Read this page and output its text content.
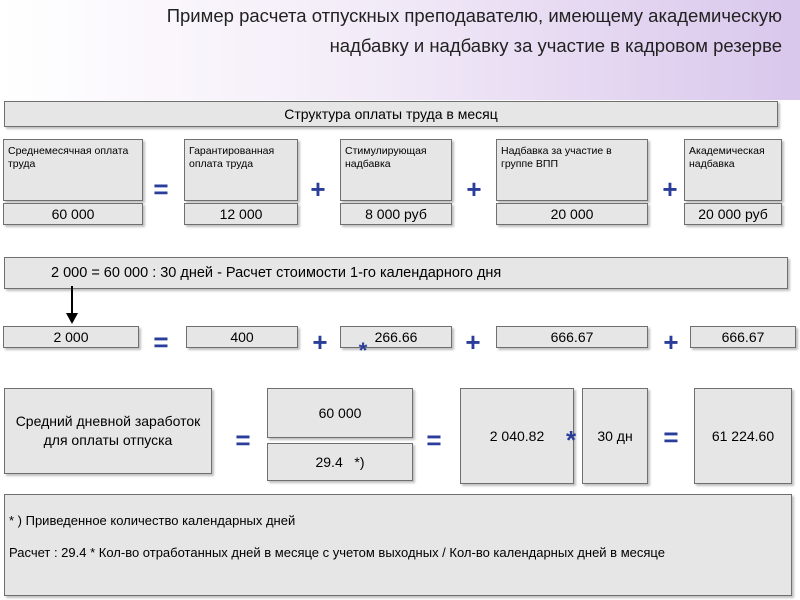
Пример расчета отпускных преподавателю, имеющему академическую
надбавку и надбавку за участие в кадровом резерве
Структура оплаты труда в месяц
Среднемесячная оплата труда
Гарантированная оплата труда
Стимулирующая надбавка
Надбавка за участие в группе ВПП
Академическая надбавка
60 000	12 000	8 000 руб	20 000	20 000 руб
=	+	+	+
2 000 = 60 000 : 30 дней - Расчет стоимости 1-го календарного дня
2 000	400	266.66	666.67	666.67
=	+	+	+
*
Средний дневной заработок для оплаты отпуска	=
60 000
29.4   *)
=	2 040.82 *	30 дн =	61 224.60
* ) Приведенное количество календарных дней
Расчет : 29.4 * Кол-во отработанных дней в месяце с учетом выходных / Кол-во календарных дней в месяце
